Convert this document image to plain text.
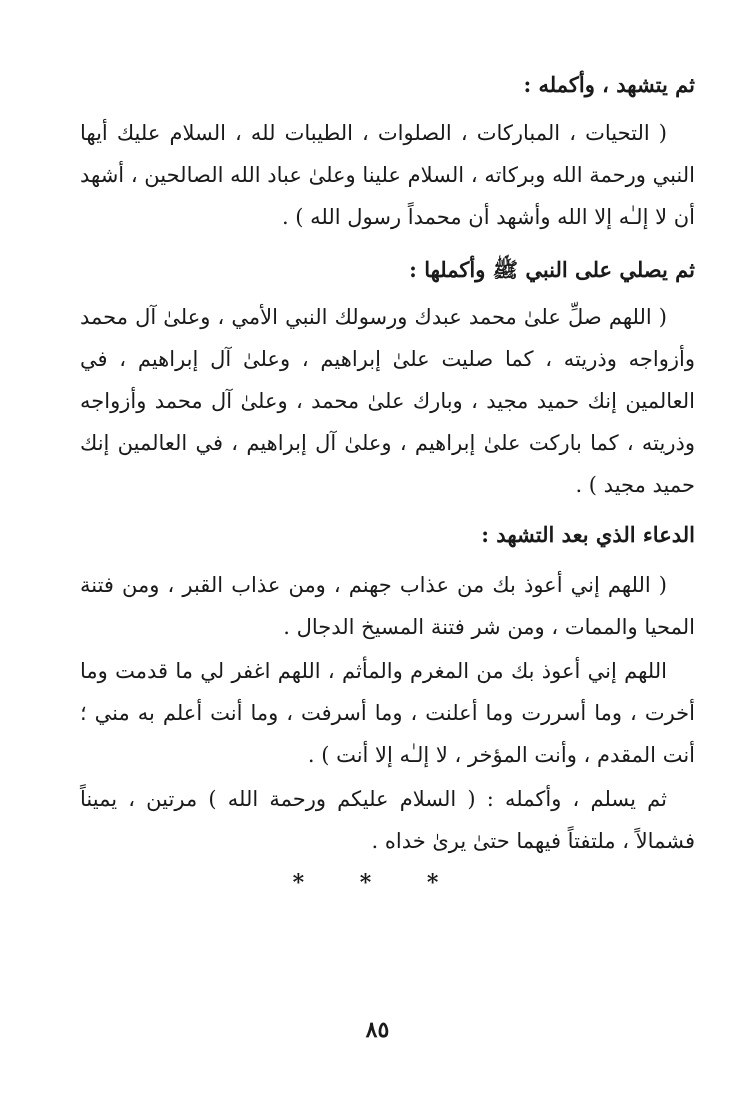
ثم يتشهد ، وأكمله :

( التحيات ، المباركات ، الصلوات ، الطيبات لله ، السلام عليك أيها النبي ورحمة الله وبركاته ، السلام علينا وعلىٰ عباد الله الصالحين ، أشهد أن لا إلـٰه إلا الله وأشهد أن محمداً رسول الله ) .

ثم يصلي على النبي ﷺ وأكملها :

( اللهم صلِّ علىٰ محمد عبدك ورسولك النبي الأمي ، وعلىٰ آل محمد وأزواجه وذريته ، كما صليت علىٰ إبراهيم ، وعلىٰ آل إبراهيم ، في العالمين إنك حميد مجيد ، وبارك علىٰ محمد ، وعلىٰ آل محمد وأزواجه وذريته ، كما باركت علىٰ إبراهيم ، وعلىٰ آل إبراهيم ، في العالمين إنك حميد مجيد ) .

الدعاء الذي بعد التشهد :

( اللهم إني أعوذ بك من عذاب جهنم ، ومن عذاب القبر ، ومن فتنة المحيا والممات ، ومن شر فتنة المسيخ الدجال .

اللهم إني أعوذ بك من المغرم والمأثم ، اللهم اغفر لي ما قدمت وما أخرت ، وما أسررت وما أعلنت ، وما أسرفت ، وما أنت أعلم به مني ؛ أنت المقدم ، وأنت المؤخر ، لا إلـٰه إلا أنت ) .

ثم يسلم ، وأكمله : ( السلام عليكم ورحمة الله ) مرتين ، يميناً فشمالاً ، ملتفتاً فيهما حتىٰ يرىٰ خداه .

* * *
٨٥
